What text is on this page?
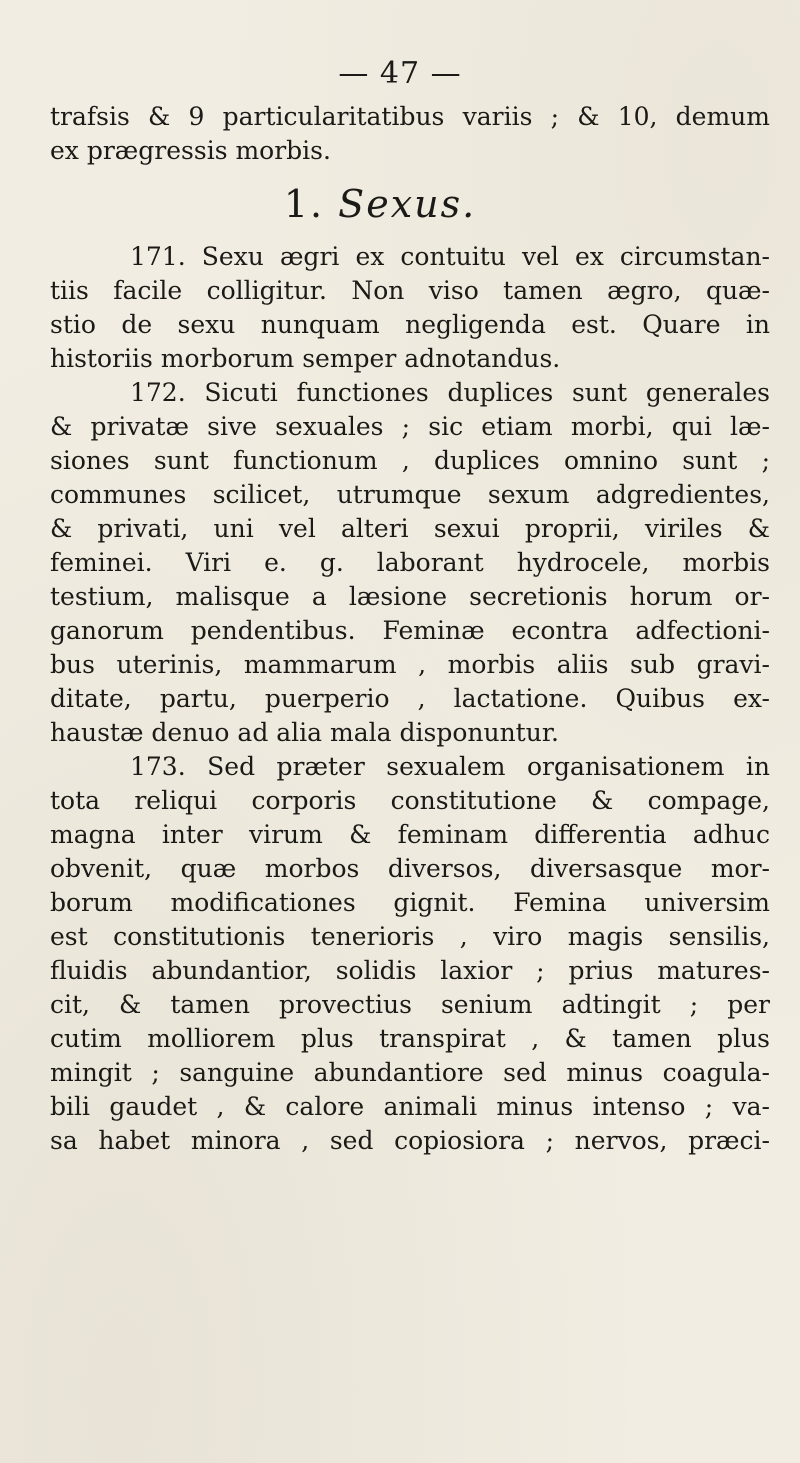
— 47 —
trafsis & 9 particularitatibus variis ; & 10, demum
ex prægressis morbis.
1. Sexus.
171. Sexu ægri ex contuitu vel ex circumstan-
tiis facile colligitur. Non viso tamen ægro, quæ-
stio de sexu nunquam negligenda est. Quare in
historiis morborum semper adnotandus.
172. Sicuti functiones duplices sunt generales
& privatæ sive sexuales ; sic etiam morbi, qui læ-
siones sunt functionum , duplices omnino sunt ;
communes scilicet, utrumque sexum adgredientes,
& privati, uni vel alteri sexui proprii, viriles &
feminei. Viri e. g. laborant hydrocele, morbis
testium, malisque a læsione secretionis horum or-
ganorum pendentibus. Feminæ econtra adfectioni-
bus uterinis, mammarum , morbis aliis sub gravi-
ditate, partu, puerperio , lactatione. Quibus ex-
haustæ denuo ad alia mala disponuntur.
173. Sed præter sexualem organisationem in
tota reliqui corporis constitutione & compage,
magna inter virum & feminam differentia adhuc
obvenit, quæ morbos diversos, diversasque mor-
borum modificationes gignit. Femina universim
est constitutionis tenerioris , viro magis sensilis,
fluidis abundantior, solidis laxior ; prius matures-
cit, & tamen provectius senium adtingit ; per
cutim molliorem plus transpirat , & tamen plus
mingit ; sanguine abundantiore sed minus coagula-
bili gaudet , & calore animali minus intenso ; va-
sa habet minora , sed copiosiora ; nervos, præci-
